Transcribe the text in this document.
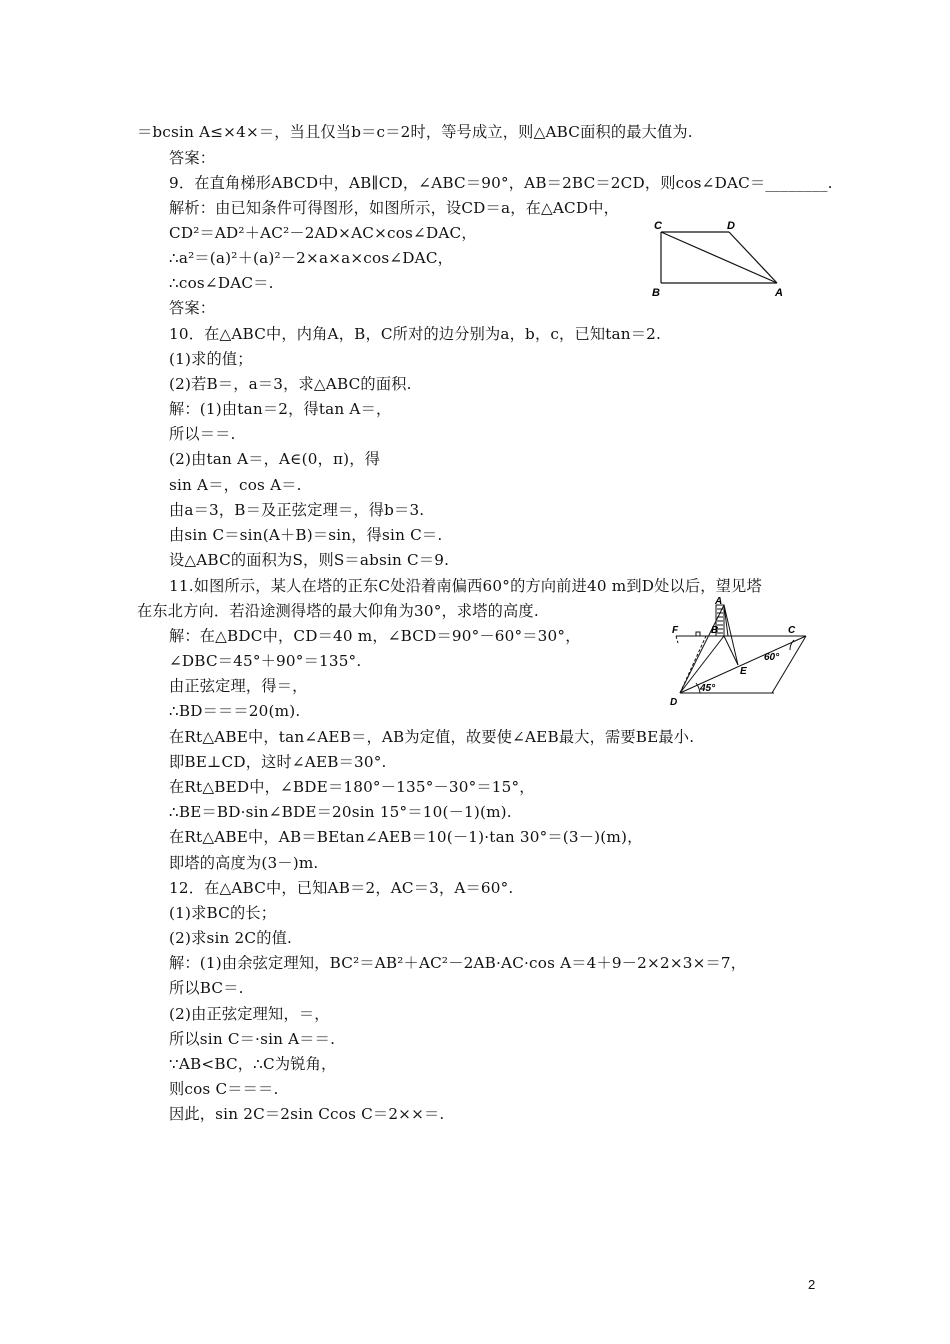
＝bcsin A≤×4×＝，当且仅当b＝c＝2时，等号成立，则△ABC面积的最大值为.
答案：
9．在直角梯形ABCD中，AB∥CD，∠ABC＝90°，AB＝2BC＝2CD，则cos∠DAC＝________.
解析：由已知条件可得图形，如图所示，设CD＝a，在△ACD中，
CD²＝AD²＋AC²－2AD×AC×cos∠DAC，
∴a²＝(a)²＋(a)²－2×a×a×cos∠DAC，
∴cos∠DAC＝.
答案：
10．在△ABC中，内角A，B，C所对的边分别为a，b，c，已知tan＝2.
(1)求的值；
(2)若B＝，a＝3，求△ABC的面积.
解：(1)由tan＝2，得tan A＝，
所以＝＝.
(2)由tan A＝，A∈(0，π)，得
sin A＝，cos A＝.
由a＝3，B＝及正弦定理＝，得b＝3.
由sin C＝sin(A＋B)＝sin，得sin C＝.
设△ABC的面积为S，则S＝absin C＝9.
11.如图所示，某人在塔的正东C处沿着南偏西60°的方向前进40 m到D处以后，望见塔
在东北方向．若沿途测得塔的最大仰角为30°，求塔的高度.
解：在△BDC中，CD＝40 m，∠BCD＝90°－60°＝30°，
∠DBC＝45°＋90°＝135°.
由正弦定理，得＝，
∴BD＝＝＝20(m).
在Rt△ABE中，tan∠AEB＝，AB为定值，故要使∠AEB最大，需要BE最小.
即BE⊥CD，这时∠AEB＝30°.
在Rt△BED中，∠BDE＝180°－135°－30°＝15°，
∴BE＝BD·sin∠BDE＝20sin 15°＝10(－1)(m).
在Rt△ABE中，AB＝BEtan∠AEB＝10(－1)·tan 30°＝(3－)(m)，
即塔的高度为(3－)m.
12．在△ABC中，已知AB＝2，AC＝3，A＝60°.
(1)求BC的长；
(2)求sin 2C的值.
解：(1)由余弦定理知，BC²＝AB²＋AC²－2AB·AC·cos A＝4＋9－2×2×3×＝7，
所以BC＝.
(2)由正弦定理知，＝，
所以sin C＝·sin A＝＝.
∵AB<BC，∴C为锐角，
则cos C＝＝＝.
因此，sin 2C＝2sin Ccos C＝2××＝.
C	D
B	A
A
B
F	C
E
D
60°
45°
2
